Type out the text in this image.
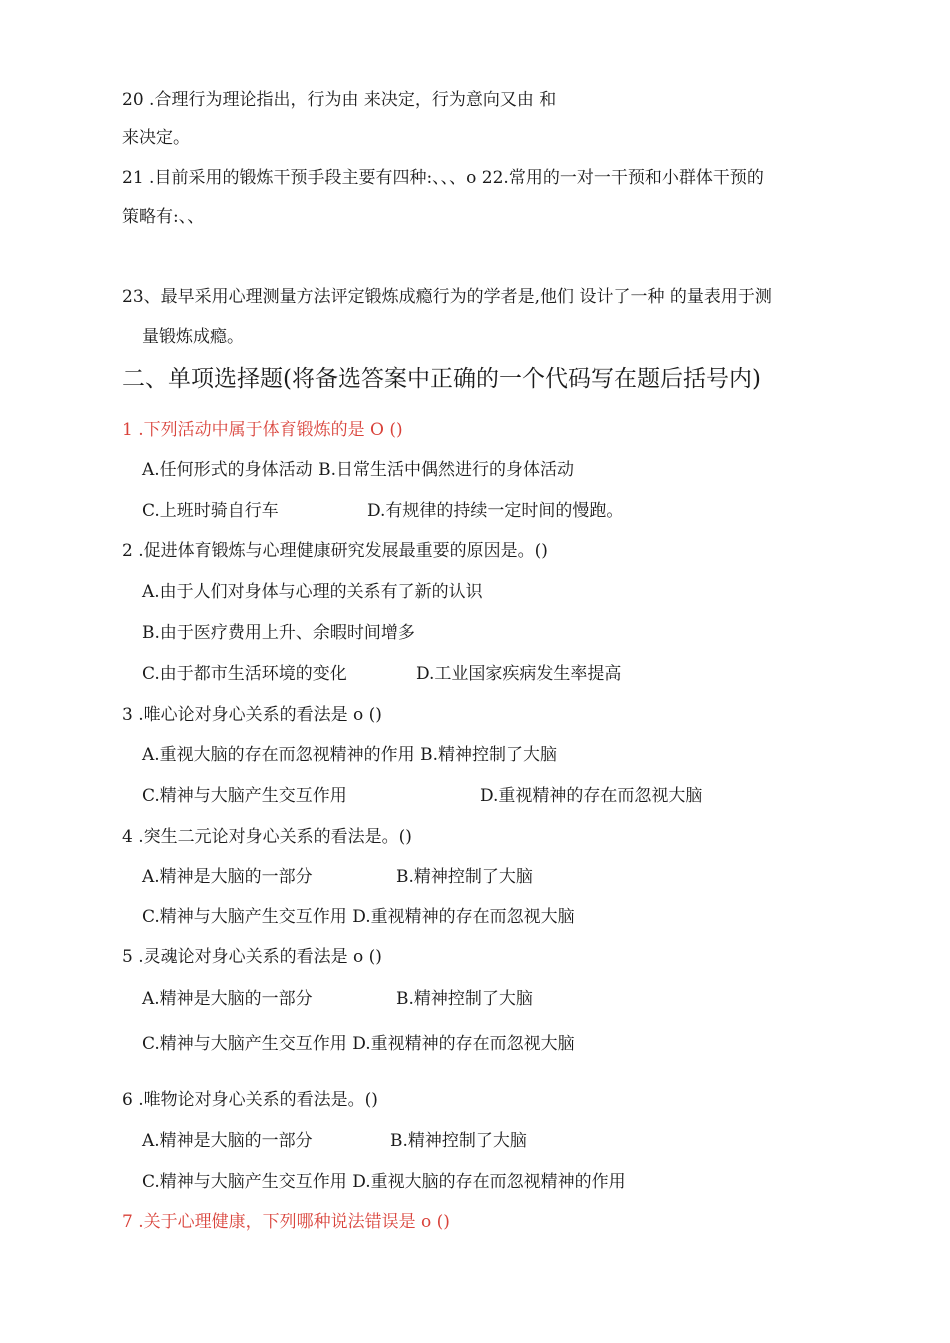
20 .合理行为理论指出，行为由 来决定，行为意向又由 和
来决定。
21 .目前采用的锻炼干预手段主要有四种:、、、o 22.常用的一对一干预和小群体干预的
策略有:、、
23、最早采用心理测量方法评定锻炼成瘾行为的学者是,他们 设计了一种 的量表用于测
量锻炼成瘾。
二、单项选择题(将备选答案中正确的一个代码写在题后括号内)
1 .下列活动中属于体育锻炼的是 O ()
A.任何形式的身体活动 B.日常生活中偶然进行的身体活动
C.上班时骑自行车	D.有规律的持续一定时间的慢跑。
2 .促进体育锻炼与心理健康研究发展最重要的原因是。()
A.由于人们对身体与心理的关系有了新的认识
B.由于医疗费用上升、余暇时间增多
C.由于都市生活环境的变化	D.工业国家疾病发生率提高
3 .唯心论对身心关系的看法是 o ()
A.重视大脑的存在而忽视精神的作用 B.精神控制了大脑
C.精神与大脑产生交互作用	D.重视精神的存在而忽视大脑
4 .突生二元论对身心关系的看法是。()
A.精神是大脑的一部分	B.精神控制了大脑
C.精神与大脑产生交互作用 D.重视精神的存在而忽视大脑
5 .灵魂论对身心关系的看法是 o ()
A.精神是大脑的一部分	B.精神控制了大脑
C.精神与大脑产生交互作用 D.重视精神的存在而忽视大脑
6 .唯物论对身心关系的看法是。()
A.精神是大脑的一部分	B.精神控制了大脑
C.精神与大脑产生交互作用 D.重视大脑的存在而忽视精神的作用
7 .关于心理健康，下列哪种说法错误是 o ()
